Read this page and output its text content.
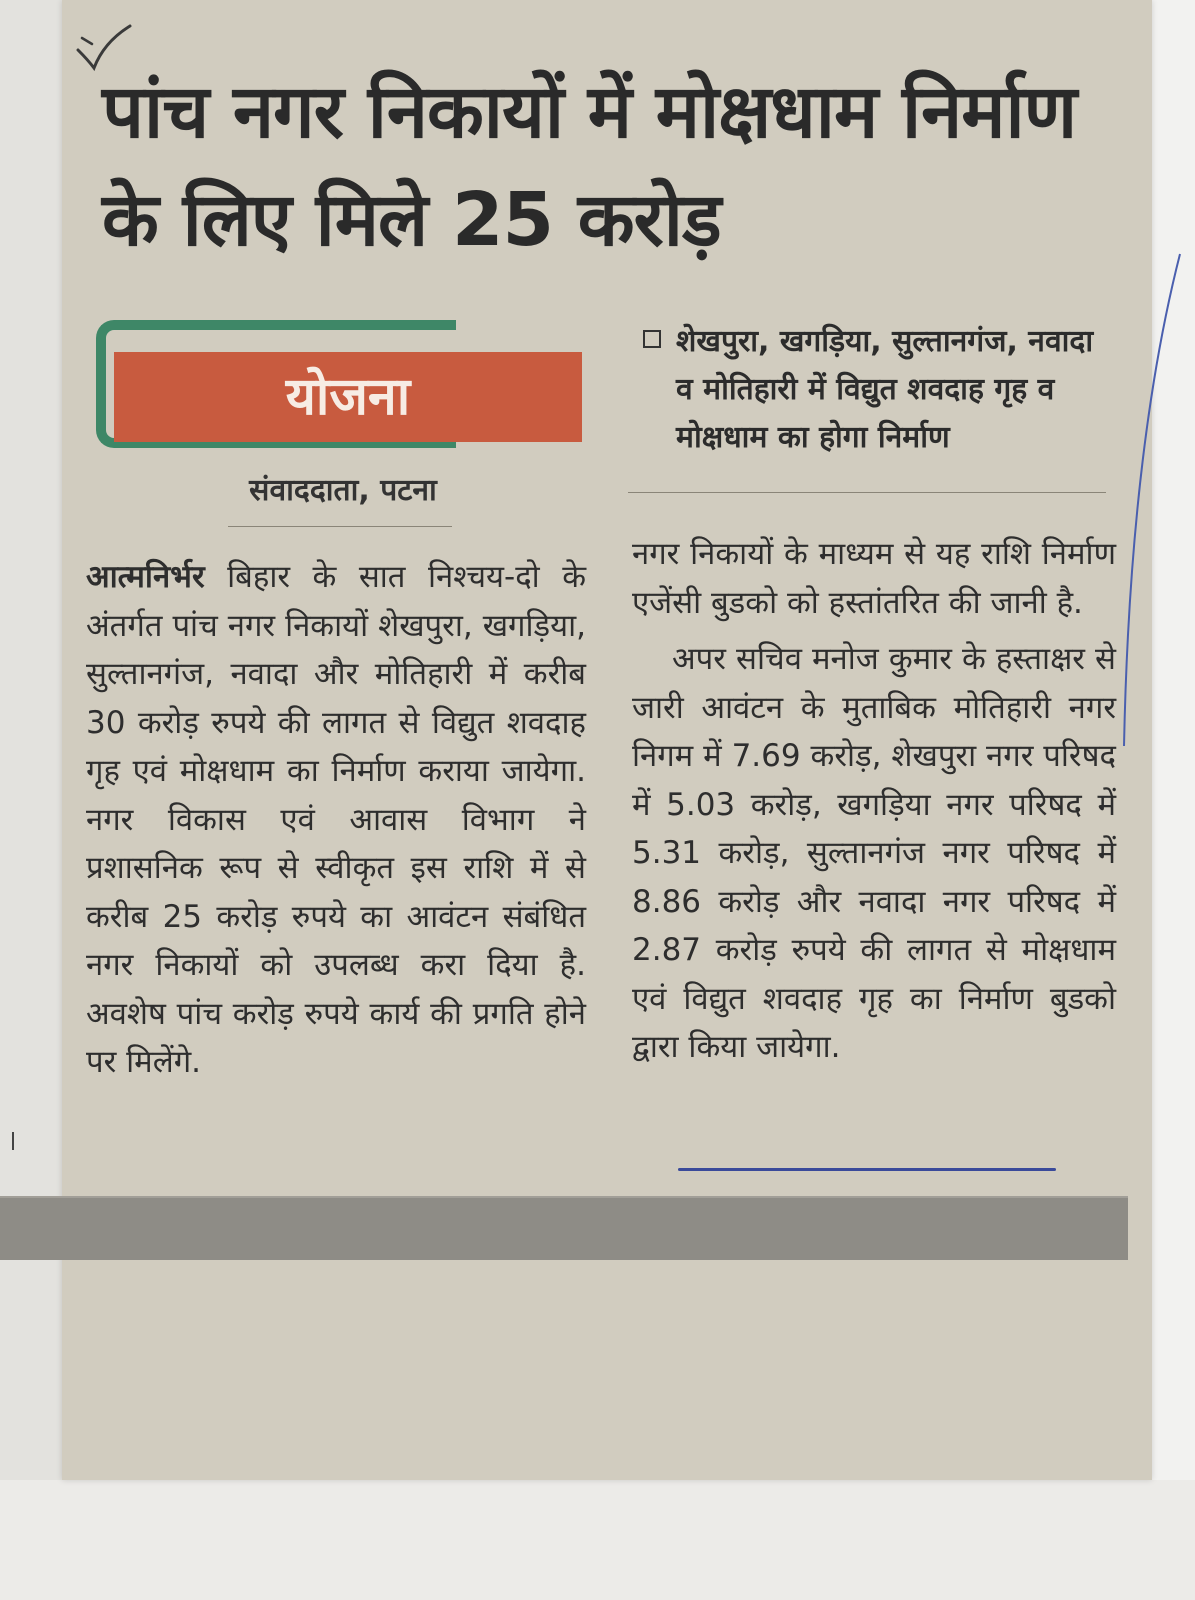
पांच नगर निकायों में मोक्षधाम निर्माण के लिए मिले 25 करोड़
योजना
संवाददाता, पटना

शेखपुरा, खगड़िया, सुल्तानगंज, नवादा व मोतिहारी में विद्युत शवदाह गृह व मोक्षधाम का होगा निर्माण

आत्मनिर्भर बिहार के सात निश्चय-दो के अंतर्गत पांच नगर निकायों शेखपुरा, खगड़िया, सुल्तानगंज, नवादा और मोतिहारी में करीब 30 करोड़ रुपये की लागत से विद्युत शवदाह गृह एवं मोक्षधाम का निर्माण कराया जायेगा. नगर विकास एवं आवास विभाग ने प्रशासनिक रूप से स्वीकृत इस राशि में से करीब 25 करोड़ रुपये का आवंटन संबंधित नगर निकायों को उपलब्ध करा दिया है. अवशेष पांच करोड़ रुपये कार्य की प्रगति होने पर मिलेंगे.

नगर निकायों के माध्यम से यह राशि निर्माण एजेंसी बुडको को हस्तांतरित की जानी है.
अपर सचिव मनोज कुमार के हस्ताक्षर से जारी आवंटन के मुताबिक मोतिहारी नगर निगम में 7.69 करोड़, शेखपुरा नगर परिषद में 5.03 करोड़, खगड़िया नगर परिषद में 5.31 करोड़, सुल्तानगंज नगर परिषद में 8.86 करोड़ और नवादा नगर परिषद में 2.87 करोड़ रुपये की लागत से मोक्षधाम एवं विद्युत शवदाह गृह का निर्माण बुडको द्वारा किया जायेगा.
